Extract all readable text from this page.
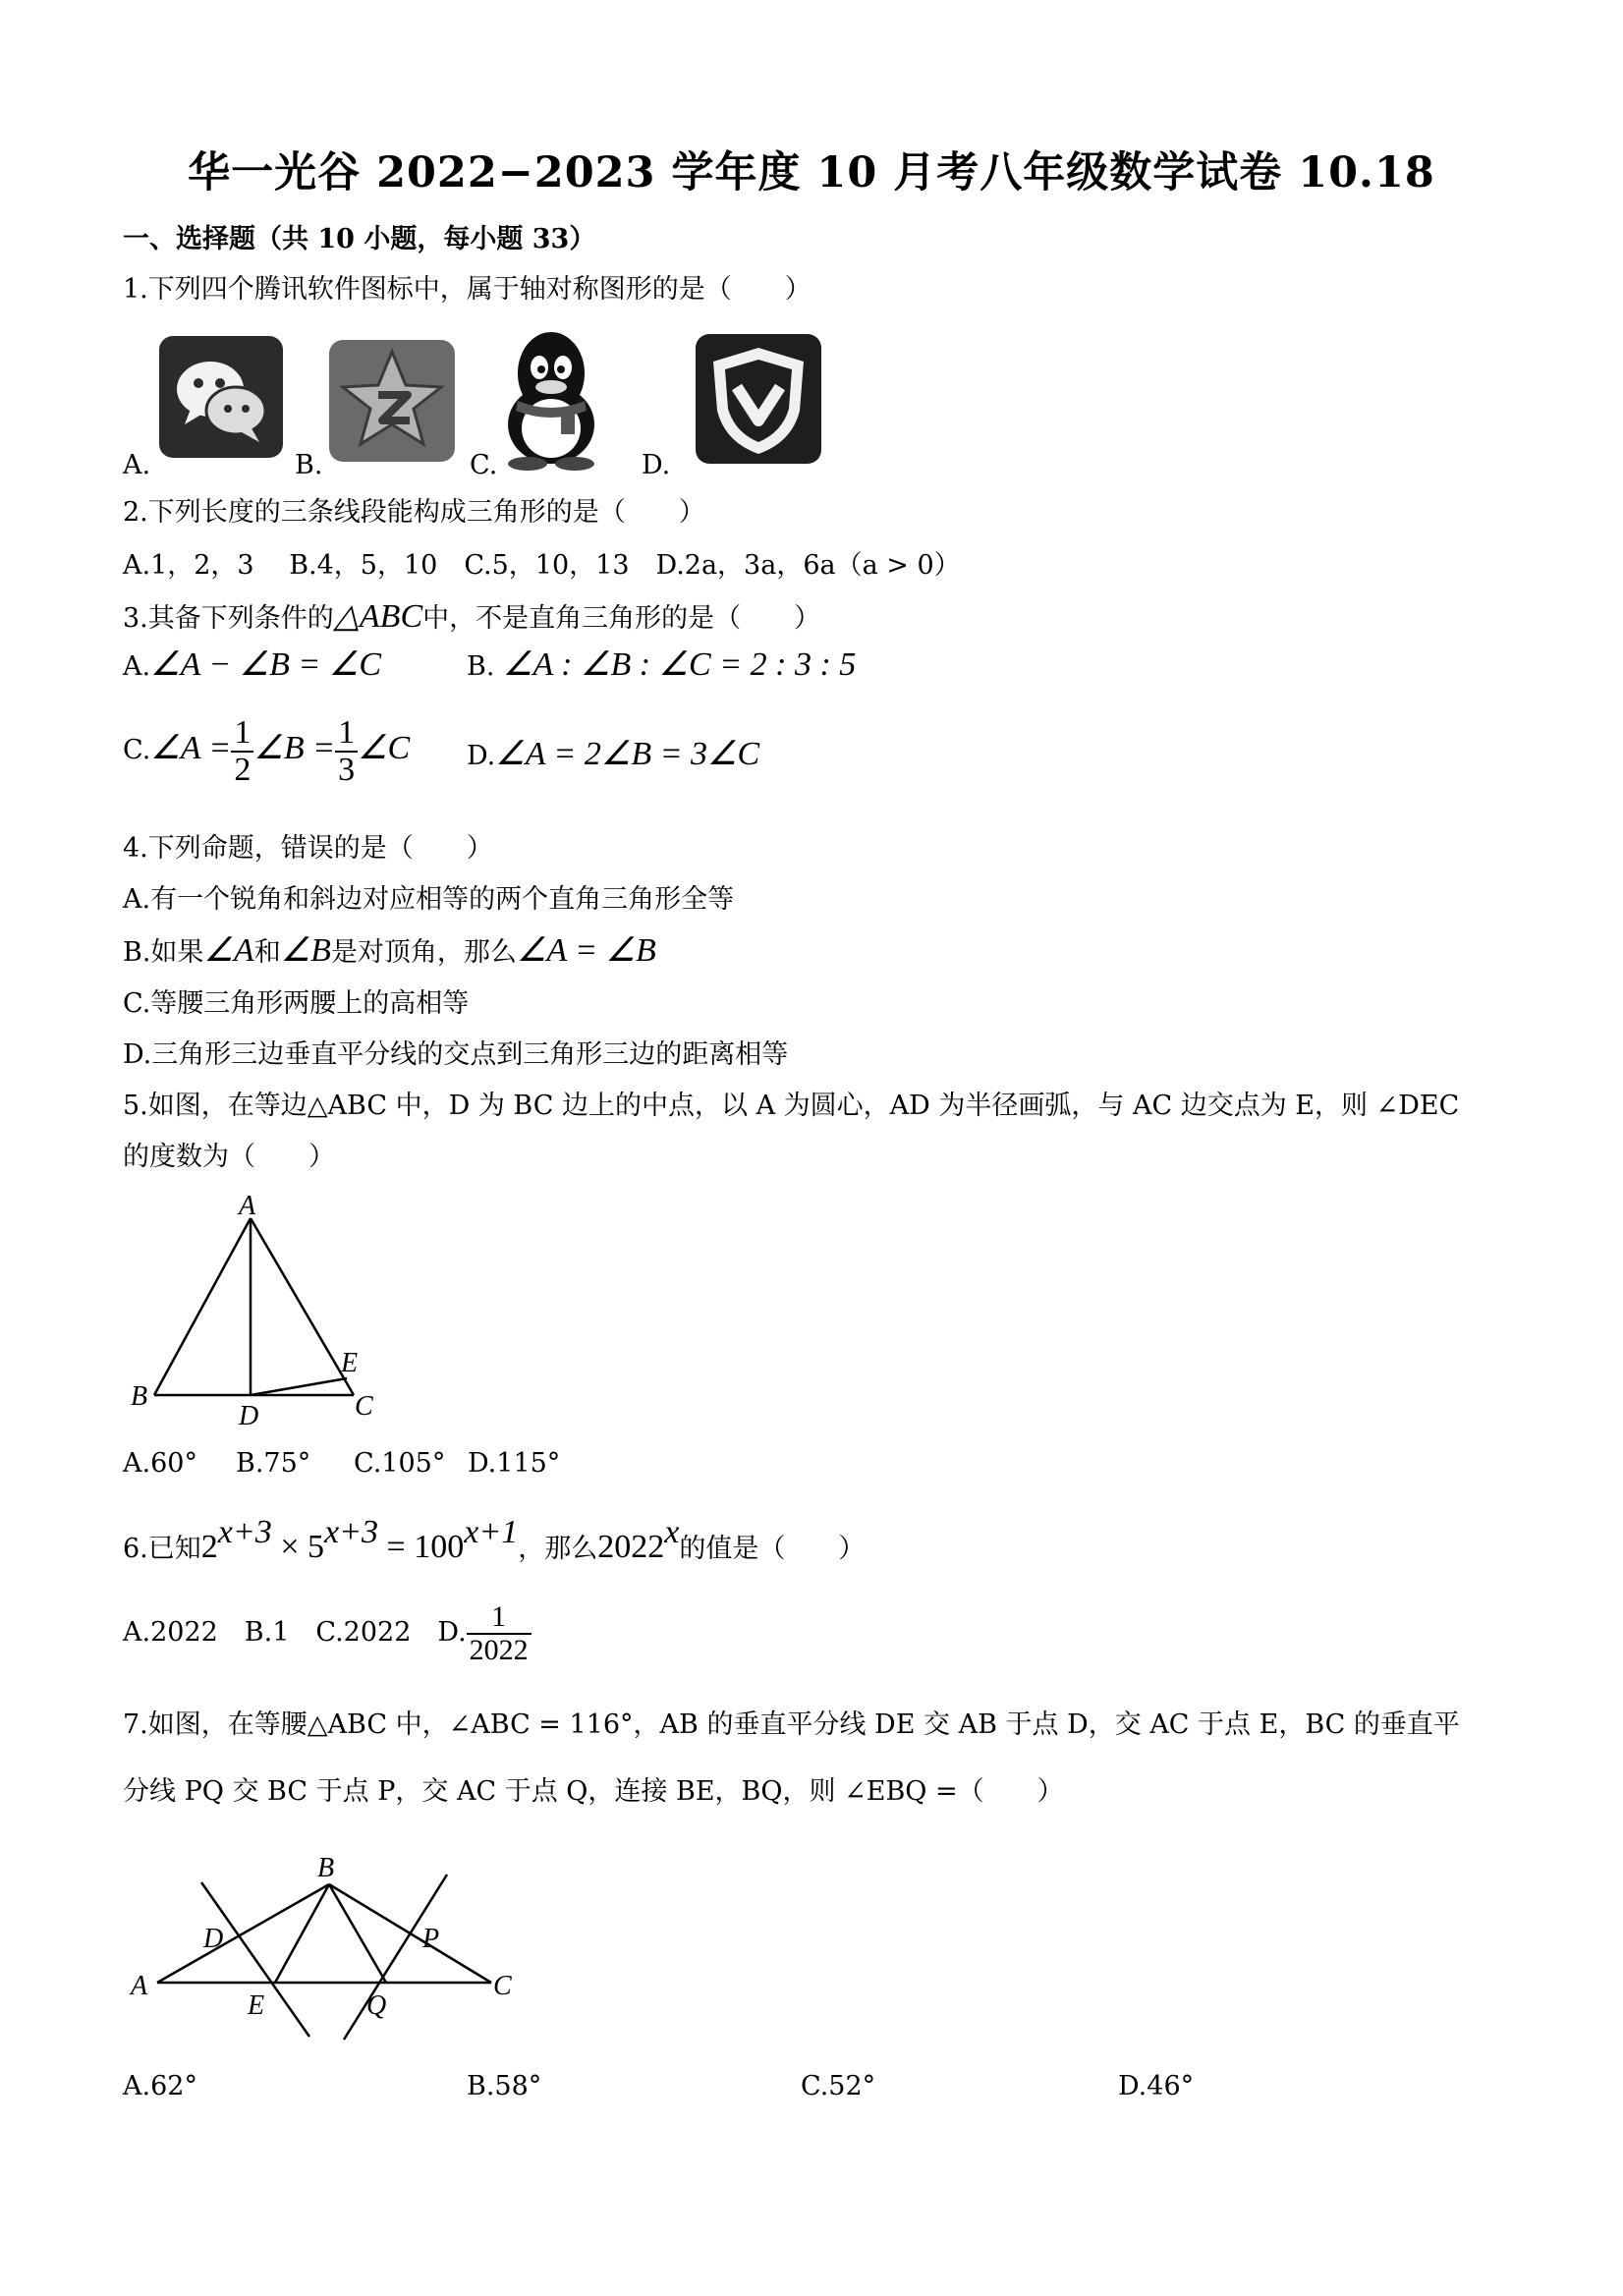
华一光谷 2022−2023 学年度 10 月考八年级数学试卷 10.18
一、选择题（共 10 小题，每小题 33）
1.下列四个腾讯软件图标中，属于轴对称图形的是（　　）
A.	B.	C.	D.
2.下列长度的三条线段能构成三角形的是（　　）
A.1，2，3　 B.4，5，10　C.5，10，13　D.2a，3a，6a（a > 0）
3.其备下列条件的△ABC中，不是直角三角形的是（　　）
A.∠A − ∠B = ∠C	B. ∠A : ∠B : ∠C = 2 : 3 : 5
C.∠A = $\frac{1}{2}$ ∠B = $\frac{1}{3}$ ∠C D.∠A = 2∠B = 3∠C
4.下列命题，错误的是（　　）
A.有一个锐角和斜边对应相等的两个直角三角形全等
B.如果∠A和∠B是对顶角，那么∠A = ∠B
C.等腰三角形两腰上的高相等
D.三角形三边垂直平分线的交点到三角形三边的距离相等
5.如图，在等边△ABC 中，D 为 BC 边上的中点，以 A 为圆心，AD 为半径画弧，与 AC 边交点为 E，则 ∠DEC
的度数为（　　）
A
B	C
D
E
A.60° B.75° C.105° D.115°
6.已知$2^{x+3} \times 5^{x+3} = 100^{x+1}$，那么2022$^x$的值是（　　）
A.2022　B.1　C.2022　D. $\frac{1}{2022}$
7.如图，在等腰△ABC 中，∠ABC = 116°，AB 的垂直平分线 DE 交 AB 于点 D，交 AC 于点 E，BC 的垂直平
分线 PQ 交 BC 于点 P，交 AC 于点 Q，连接 BE，BQ，则 ∠EBQ =（　　）
B
D	P
A	C
E	Q
A.62°	B.58°	C.52°	D.46°
